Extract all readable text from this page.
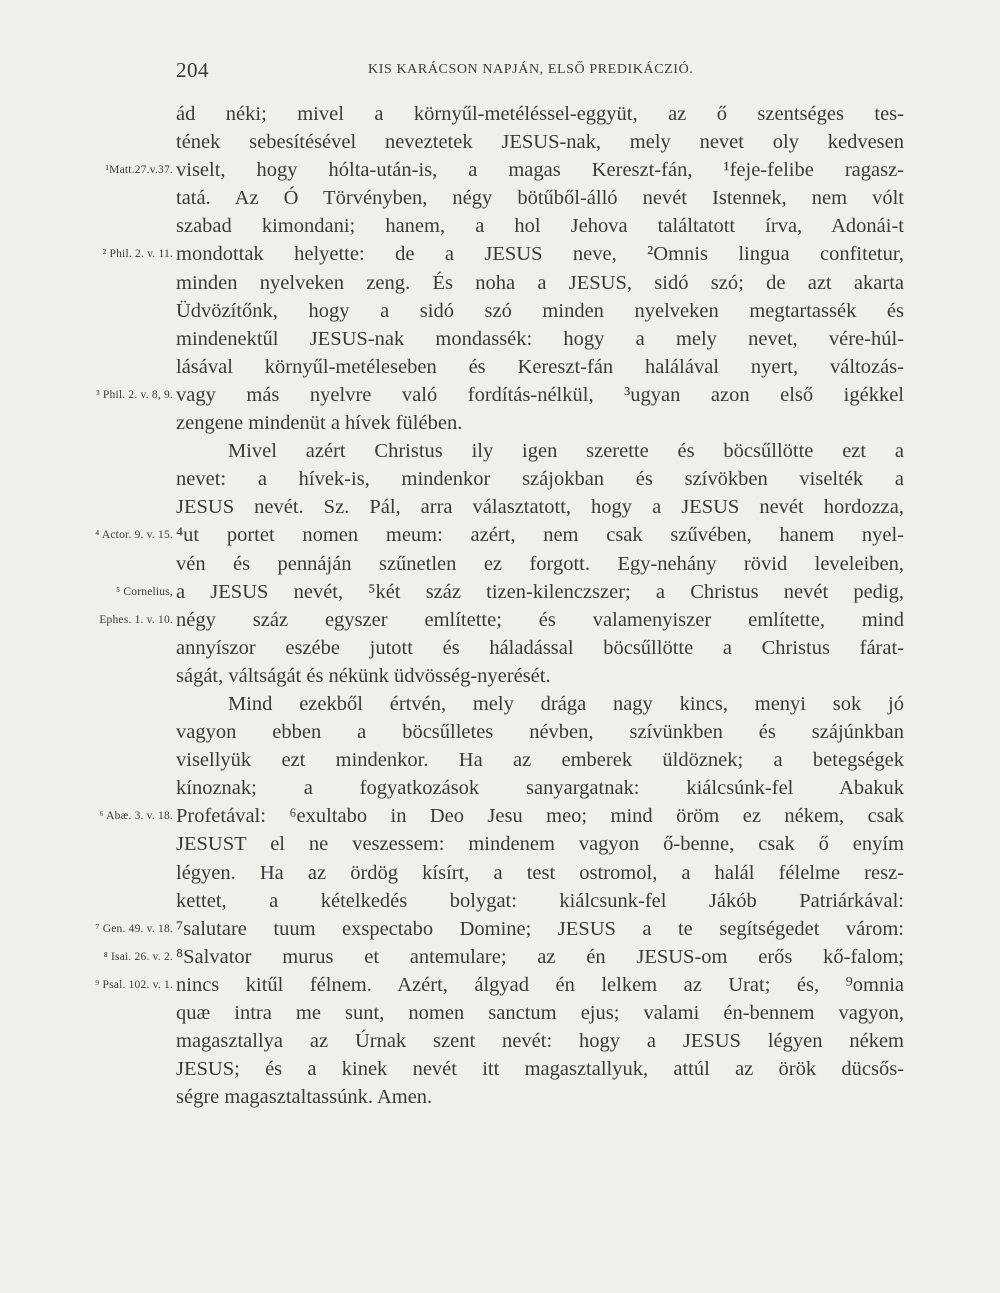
204	KIS KARÁCSON NAPJÁN, ELSŐ PREDIKÁCZIÓ.
ád néki; mivel a környűl-metéléssel-eggyüt, az ő szentséges tes-
tének sebesítésével neveztetek JESUS-nak, mely nevet oly kedvesen
viselt, hogy hólta-után-is, a magas Kereszt-fán, ¹feje-felibe ragasz-
¹Matt.27.v.37.
tatá. Az Ó Törvényben, négy bötűből-álló nevét Istennek, nem vólt
szabad kimondani; hanem, a hol Jehova találtatott írva, Adonái-t
mondottak helyette: de a JESUS neve, ²Omnis lingua confitetur,
² Phil. 2. v. 11.
minden nyelveken zeng. És noha a JESUS, sidó szó; de azt akarta
Üdvözítőnk, hogy a sidó szó minden nyelveken megtartassék és
mindenektűl JESUS-nak mondassék: hogy a mely nevet, vére-húl-
lásával környűl-metéleseben és Kereszt-fán halálával nyert, változás-
vagy más nyelvre való fordítás-nélkül, ³ugyan azon első igékkel
³ Phil. 2. v. 8, 9.
zengene mindenüt a hívek fülében.
Mivel azért Christus ily igen szerette és böcsűllötte ezt a
nevet: a hívek-is, mindenkor szájokban és szívökben viselték a
JESUS nevét. Sz. Pál, arra választatott, hogy a JESUS nevét hordozza,
⁴ut portet nomen meum: azért, nem csak szűvében, hanem nyel-
⁴ Actor. 9. v. 15.
vén és pennáján szűnetlen ez forgott. Egy-nehány rövid leveleiben,
a JESUS nevét, ⁵két száz tizen-kilenczszer; a Christus nevét pedig,
⁵ Cornelius,
négy száz egyszer említette; és valamenyiszer említette, mind
Ephes. 1. v. 10.
annyíszor eszébe jutott és háladással böcsűllötte a Christus fárat-
ságát, váltságát és nékünk üdvösség-nyerését.
Mind ezekből értvén, mely drága nagy kincs, menyi sok jó
vagyon ebben a böcsűlletes névben, szívünkben és szájúnkban
visellyük ezt mindenkor. Ha az emberek üldöznek; a betegségek
kínoznak; a fogyatkozások sanyargatnak: kiálcsúnk-fel Abakuk
Profetával: ⁶exultabo in Deo Jesu meo; mind öröm ez nékem, csak
⁶ Abæ. 3. v. 18.
JESUST el ne veszessem: mindenem vagyon ő-benne, csak ő enyím
légyen. Ha az ördög kísírt, a test ostromol, a halál félelme resz-
kettet, a kételkedés bolygat: kiálcsunk-fel Jákób Patriárkával:
⁷salutare tuum exspectabo Domine; JESUS a te segítségedet várom:
⁷ Gen. 49. v. 18.
⁸Salvator murus et antemulare; az én JESUS-om erős kő-falom;
⁸ Isai. 26. v. 2.
nincs kitűl félnem. Azért, álgyad én lelkem az Urat; és, ⁹omnia
⁹ Psal. 102. v. 1.
quæ intra me sunt, nomen sanctum ejus; valami én-bennem vagyon,
magasztallya az Úrnak szent nevét: hogy a JESUS légyen nékem
JESUS; és a kinek nevét itt magasztallyuk, attúl az örök dücsős-
ségre magasztaltassúnk. Amen.
